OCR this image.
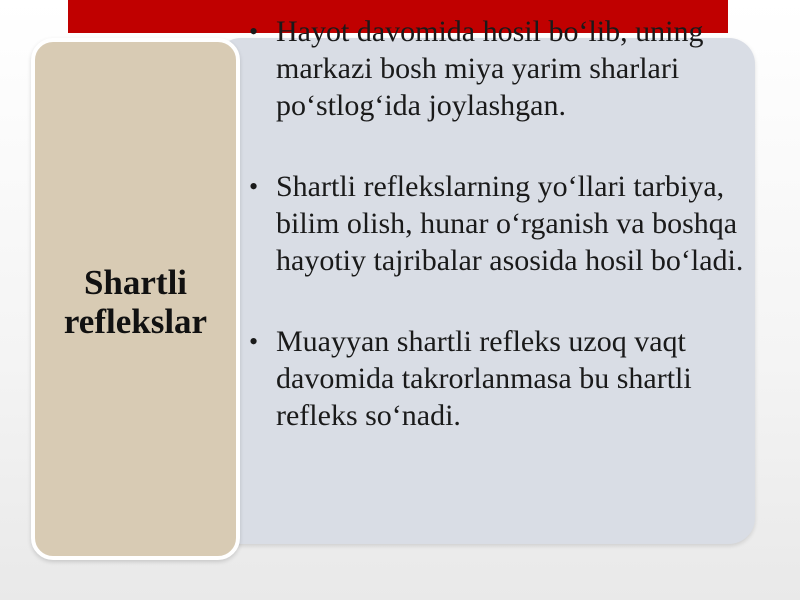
Shartli
reflekslar
• Hayot davomida hosil bo‘lib, uning markazi bosh miya yarim sharlari po‘stlog‘ida joylashgan.
• Shartli reflekslarning yo‘llari tarbiya, bilim olish, hunar o‘rganish va boshqa hayotiy tajribalar asosida hosil bo‘ladi.
• Muayyan shartli refleks uzoq vaqt davomida takrorlanmasa bu shartli refleks so‘nadi.
